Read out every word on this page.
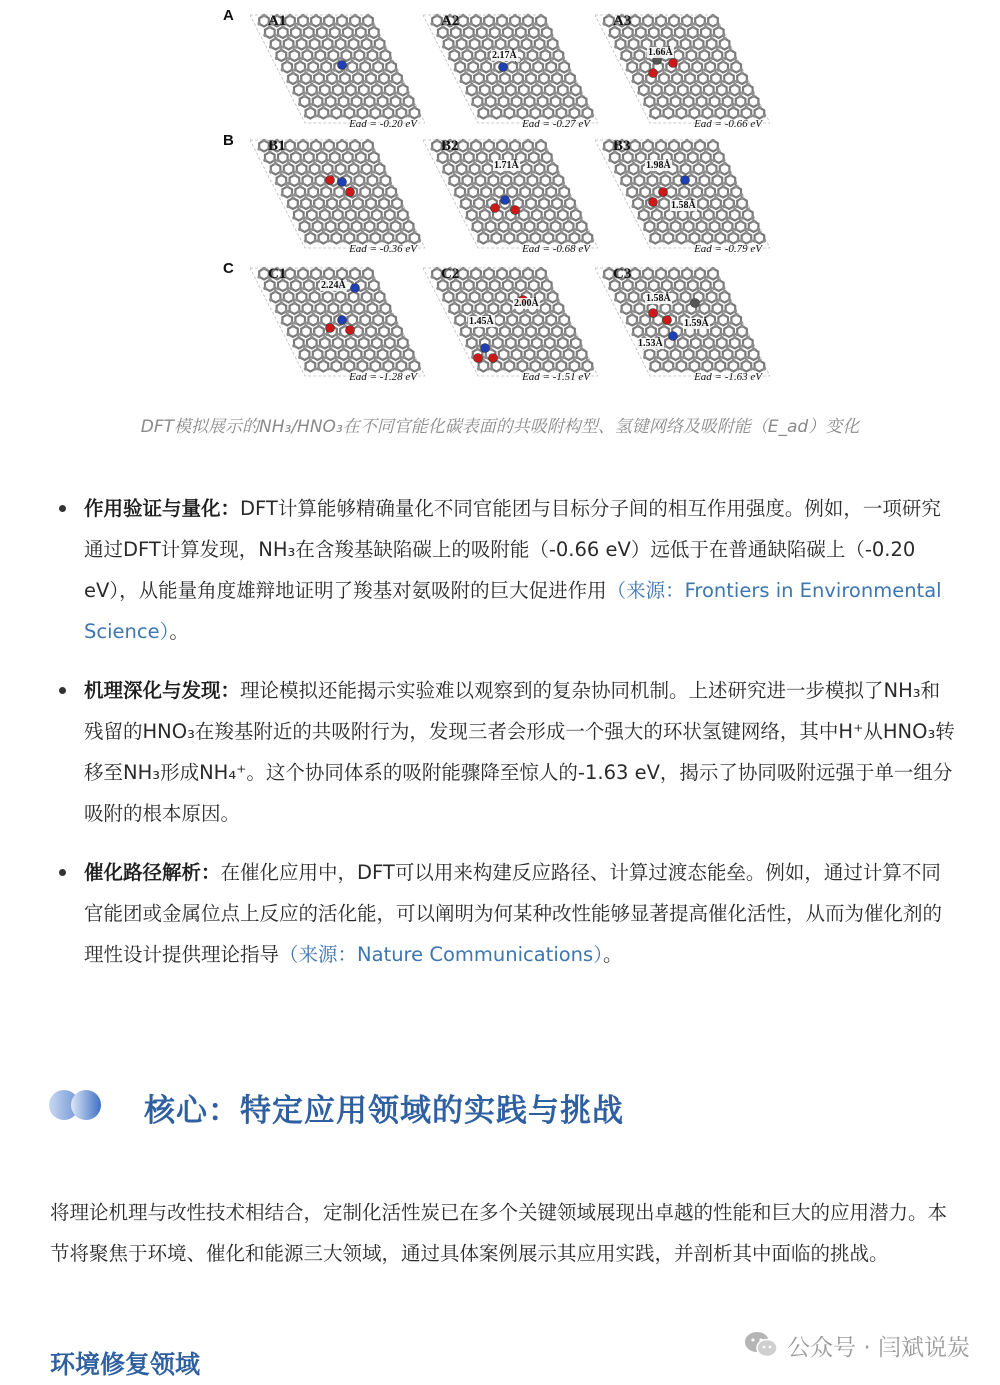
A A1
Ead = -0.20 eV
A2
Ead = -0.27 eV
2.17Å
A3
Ead = -0.66 eV
1.66Å
B B1
Ead = -0.36 eV
B2
Ead = -0.68 eV
1.71Å
B3
Ead = -0.79 eV
1.98Å
1.58Å
C C1
Ead = -1.28 eV
2.24Å
C2
Ead = -1.51 eV
1.45Å
2.00Å
C3
Ead = -1.63 eV
1.58Å
1.53Å
1.59Å
DFT模拟展示的NH₃/HNO₃在不同官能化碳表面的共吸附构型、氢键网络及吸附能（E_ad）变化
作用验证与量化：DFT计算能够精确量化不同官能团与目标分子间的相互作用强度。例如，一项研究通过DFT计算发现，NH₃在含羧基缺陷碳上的吸附能（-0.66 eV）远低于在普通缺陷碳上（-0.20 eV），从能量角度雄辩地证明了羧基对氨吸附的巨大促进作用（来源：Frontiers in Environmental Science）。
机理深化与发现：理论模拟还能揭示实验难以观察到的复杂协同机制。上述研究进一步模拟了NH₃和残留的HNO₃在羧基附近的共吸附行为，发现三者会形成一个强大的环状氢键网络，其中H⁺从HNO₃转移至NH₃形成NH₄⁺。这个协同体系的吸附能骤降至惊人的-1.63 eV，揭示了协同吸附远强于单一组分吸附的根本原因。
催化路径解析：在催化应用中，DFT可以用来构建反应路径、计算过渡态能垒。例如，通过计算不同官能团或金属位点上反应的活化能，可以阐明为何某种改性能够显著提高催化活性，从而为催化剂的理性设计提供理论指导（来源：Nature Communications）。
核心：特定应用领域的实践与挑战

将理论机理与改性技术相结合，定制化活性炭已在多个关键领域展现出卓越的性能和巨大的应用潜力。本节将聚焦于环境、催化和能源三大领域，通过具体案例展示其应用实践，并剖析其中面临的挑战。

环境修复领域
公众号 · 闫斌说炭
